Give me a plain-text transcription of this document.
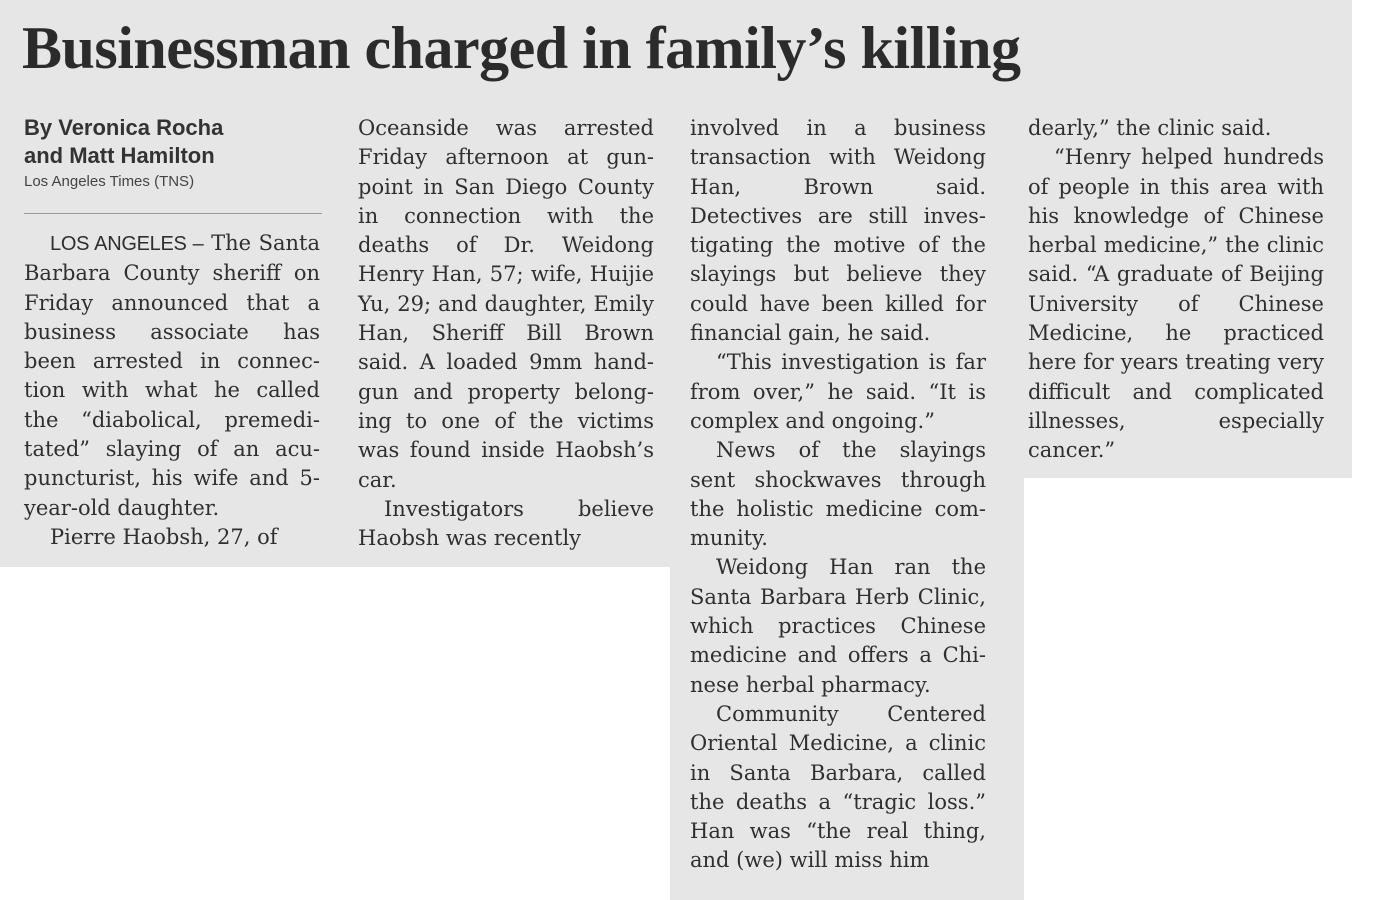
Businessman charged in family’s killing
By Veronica Rocha
and Matt Hamilton
Los Angeles Times (TNS)

LOS ANGELES – The Santa Barbara County sheriff on Friday announced that a business associate has been arrested in connection with what he called the “diabolical, premeditated” slaying of an acupuncturist, his wife and 5-year-old daughter.

Pierre Haobsh, 27, of

Oceanside was arrested Friday afternoon at gunpoint in San Diego County in connection with the deaths of Dr. Weidong Henry Han, 57; wife, Huijie Yu, 29; and daughter, Emily Han, Sheriff Bill Brown said. A loaded 9mm handgun and property belonging to one of the victims was found inside Haobsh’s car.

Investigators believe Haobsh was recently

involved in a business transaction with Weidong Han, Brown said. Detectives are still investigating the motive of the slayings but believe they could have been killed for financial gain, he said.

“This investigation is far from over,” he said. “It is complex and ongoing.”

News of the slayings sent shockwaves through the holistic medicine community.

Weidong Han ran the Santa Barbara Herb Clinic, which practices Chinese medicine and offers a Chinese herbal pharmacy.

Community Centered Oriental Medicine, a clinic in Santa Barbara, called the deaths a “tragic loss.” Han was “the real thing, and (we) will miss him

dearly,” the clinic said.

“Henry helped hundreds of people in this area with his knowledge of Chinese herbal medicine,” the clinic said. “A graduate of Beijing University of Chinese Medicine, he practiced here for years treating very difficult and complicated illnesses, especially cancer.”
